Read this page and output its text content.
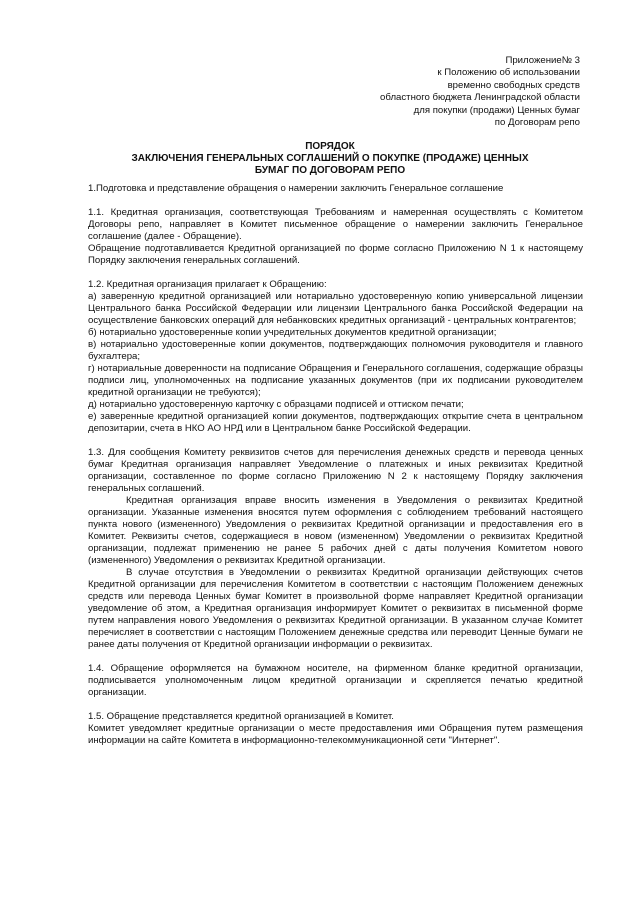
Приложение№ 3
к Положению об использовании
временно свободных средств
областного бюджета Ленинградской области
для покупки (продажи) Ценных бумаг
по Договорам репо
ПОРЯДОК
ЗАКЛЮЧЕНИЯ ГЕНЕРАЛЬНЫХ СОГЛАШЕНИЙ О ПОКУПКЕ (ПРОДАЖЕ) ЦЕННЫХ
БУМАГ ПО ДОГОВОРАМ РЕПО

1.Подготовка и представление обращения о намерении заключить Генеральное соглашение

1.1. Кредитная организация, соответствующая Требованиям и намеренная осуществлять с Комитетом Договоры репо, направляет в Комитет письменное обращение о намерении заключить Генеральное соглашение (далее - Обращение).

Обращение подготавливается Кредитной организацией по форме согласно Приложению N 1 к настоящему Порядку заключения генеральных соглашений.

1.2. Кредитная организация прилагает к Обращению:

а) заверенную кредитной организацией или нотариально удостоверенную копию универсальной лицензии Центрального банка Российской Федерации или лицензии Центрального банка Российской Федерации на осуществление банковских операций для небанковских кредитных организаций - центральных контрагентов;

б) нотариально удостоверенные копии учредительных документов кредитной организации;

в) нотариально удостоверенные копии документов, подтверждающих полномочия руководителя и главного бухгалтера;

г) нотариальные доверенности на подписание Обращения и Генерального соглашения, содержащие образцы подписи лиц, уполномоченных на подписание указанных документов (при их подписании руководителем кредитной организации не требуются);

д) нотариально удостоверенную карточку с образцами подписей и оттиском печати;

е) заверенные кредитной организацией копии документов, подтверждающих открытие счета в центральном депозитарии, счета в НКО АО НРД или в Центральном банке Российской Федерации.

1.3. Для сообщения Комитету реквизитов счетов для перечисления денежных средств и перевода ценных бумаг Кредитная организация направляет Уведомление о платежных и иных реквизитах Кредитной организации, составленное по форме согласно Приложению N 2 к настоящему Порядку заключения генеральных соглашений.

Кредитная организация вправе вносить изменения в Уведомления о реквизитах Кредитной организации. Указанные изменения вносятся путем оформления с соблюдением требований настоящего пункта нового (измененного) Уведомления о реквизитах Кредитной организации и предоставления его в Комитет. Реквизиты счетов, содержащиеся в новом (измененном) Уведомлении о реквизитах Кредитной организации, подлежат применению не ранее 5 рабочих дней с даты получения Комитетом нового (измененного) Уведомления о реквизитах Кредитной организации.

В случае отсутствия в Уведомлении о реквизитах Кредитной организации действующих счетов Кредитной организации для перечисления Комитетом в соответствии с настоящим Положением денежных средств или перевода Ценных бумаг Комитет в произвольной форме направляет Кредитной организации уведомление об этом, а Кредитная организация информирует Комитет о реквизитах в письменной форме путем направления нового Уведомления о реквизитах Кредитной организации. В указанном случае Комитет перечисляет в соответствии с настоящим Положением денежные средства или переводит Ценные бумаги не ранее даты получения от Кредитной организации информации о реквизитах.

1.4. Обращение оформляется на бумажном носителе, на фирменном бланке кредитной организации, подписывается уполномоченным лицом кредитной организации и скрепляется печатью кредитной организации.

1.5. Обращение представляется кредитной организацией в Комитет.

Комитет уведомляет кредитные организации о месте предоставления ими Обращения путем размещения информации на сайте Комитета в информационно-телекоммуникационной сети "Интернет".
